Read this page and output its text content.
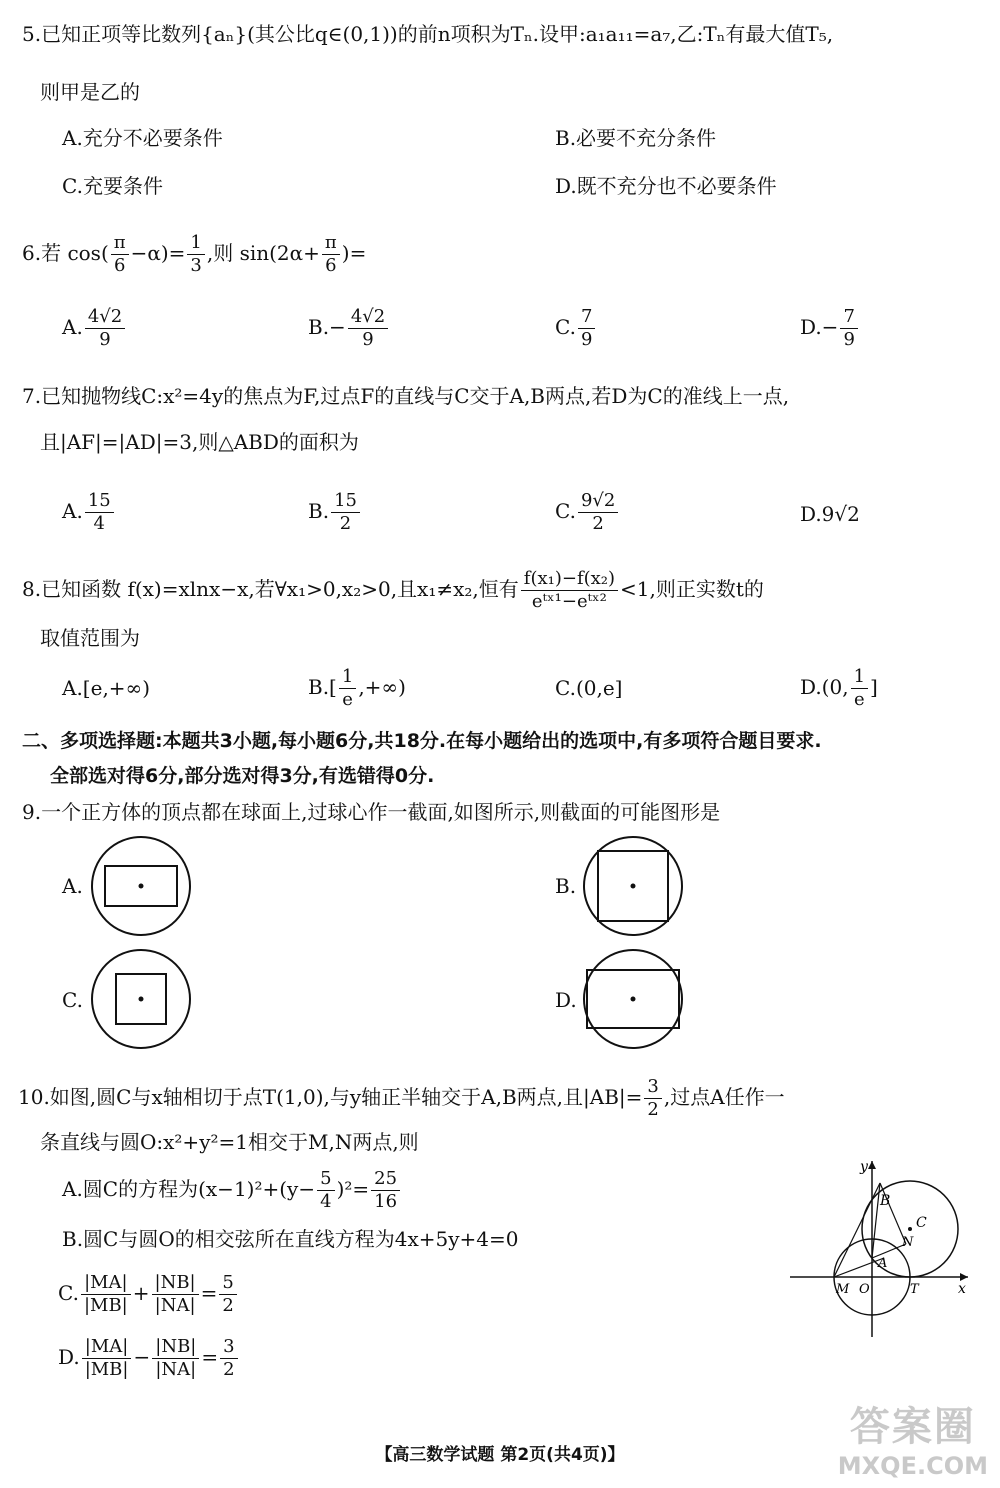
5.已知正项等比数列{aₙ}(其公比q∈(0,1))的前n项积为Tₙ.设甲:a₁a₁₁=a₇,乙:Tₙ有最大值T₅,
则甲是乙的
A.充分不必要条件	B.必要不充分条件
C.充要条件	D.既不充分也不必要条件
6.若 $\cos( \frac{\pi}{6} -\alpha)= \frac{1}{3}$ ,则 $\sin(2\alpha+ \frac{\pi}{6}$ )=
A. $\frac{4√2}{9}$	$B.- \frac{4√2}{9}$	C. $\frac{7}{9}$	$D.- \frac{7}{9}$
7.已知抛物线C:x²=4y的焦点为F,过点F的直线与C交于A,B两点,若D为C的准线上一点,
且|AF|=|AD|=3,则△ABD的面积为
A. $\frac{15}{4}$	B. $\frac{15}{2}$	C. $\frac{9√2}{2}$	D.9√2
8.已知函数 f(x)=xlnx−x,若∀x₁>0,x₂>0,且x₁≠x₂,恒有 $\frac{\text{f(x₁)−f(x₂)}}{\text{eᵗˣ¹−eᵗˣ²}} <1$,则正实数t的
取值范围为
A.[e,+∞)	$B.[ \frac{1}{e}$ ,+∞)	C.(0,e]	D.(0, $\frac{1}{e}$ ]
二、多项选择题:本题共3小题,每小题6分,共18分.在每小题给出的选项中,有多项符合题目要求.
全部选对得6分,部分选对得3分,有选错得0分.
9.一个正方体的顶点都在球面上,过球心作一截面,如图所示,则截面的可能图形是
A.	B.
C.	D.
10.如图,圆C与x轴相切于点T(1,0),与y轴正半轴交于A,B两点,且$|AB|= \frac{3}{2}$ ,过点A任作一
条直线与圆O:x²+y²=1相交于M,N两点,则
A.圆C的方程为$(x-1)^2+(y- \frac{5}{4} )^2= \frac{25}{16}$
B.圆C与圆O的相交弦所在直线方程为4x+5y+4=0
C. $\frac{|MA|}{|MB|} + \frac{|NB|}{|NA|} = \frac{5}{2}$
D. $\frac{|MA|}{|MB|} - \frac{|NB|}{|NA|} = \frac{3}{2}$
y
x
B
C
N
A
M O	T
【高三数学试题 第2页(共4页)】
答案圈
MXQE.COM
